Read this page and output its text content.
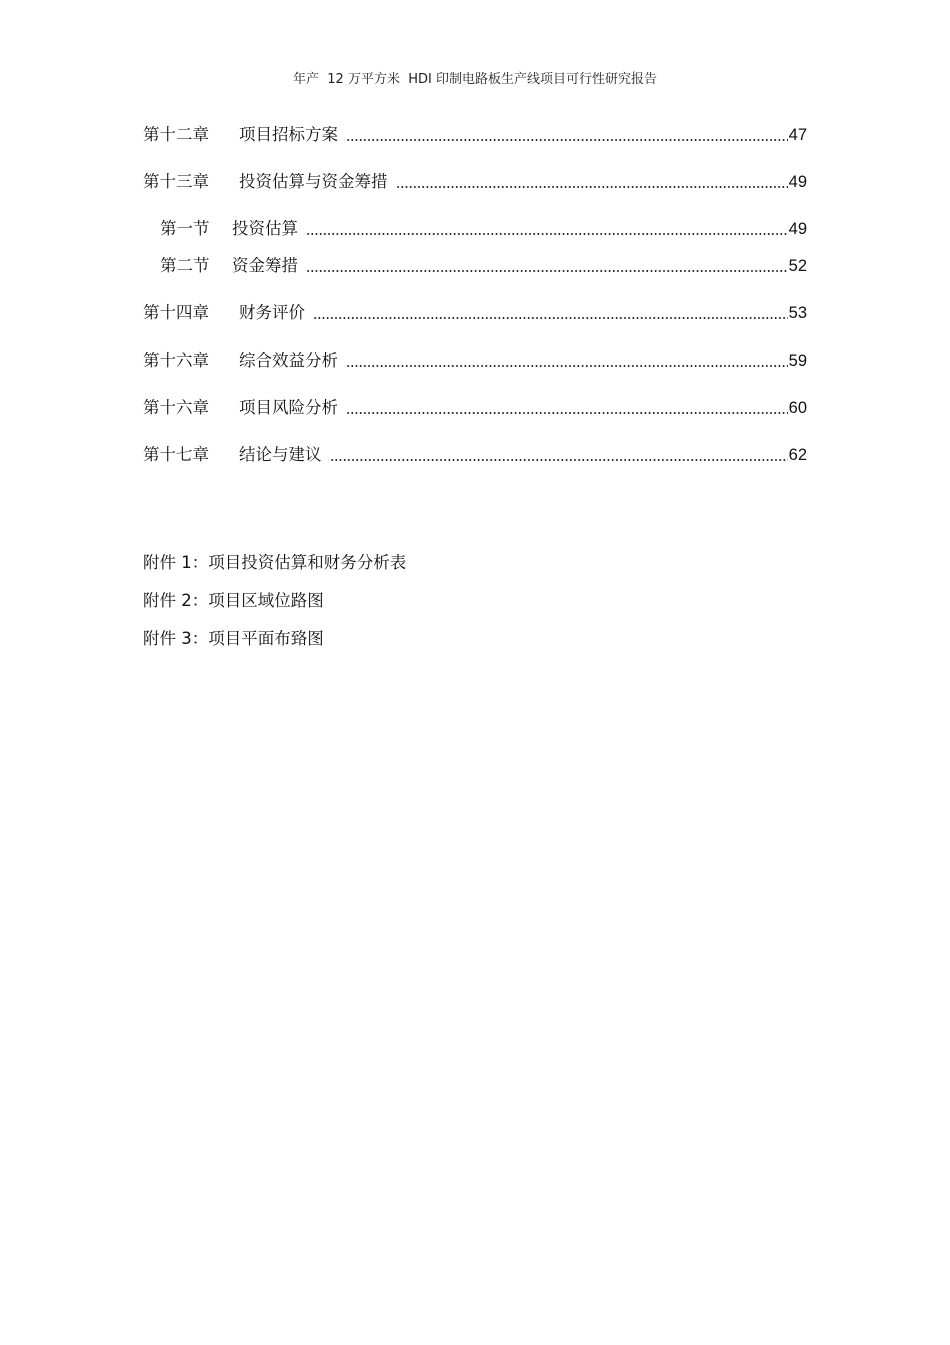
年产  12 万平方米  HDI 印制电路板生产线项目可行性研究报告
第十二章	项目招标方案	47
第十三章	投资估算与资金筹措	49
第一节	投资估算	49
第二节	资金筹措	52
第十四章	财务评价	53
第十六章	综合效益分析	59
第十六章	项目风险分析	60
第十七章	结论与建议	62
附件 1：项目投资估算和财务分析表
附件 2：项目区域位路图
附件 3：项目平面布臵图
